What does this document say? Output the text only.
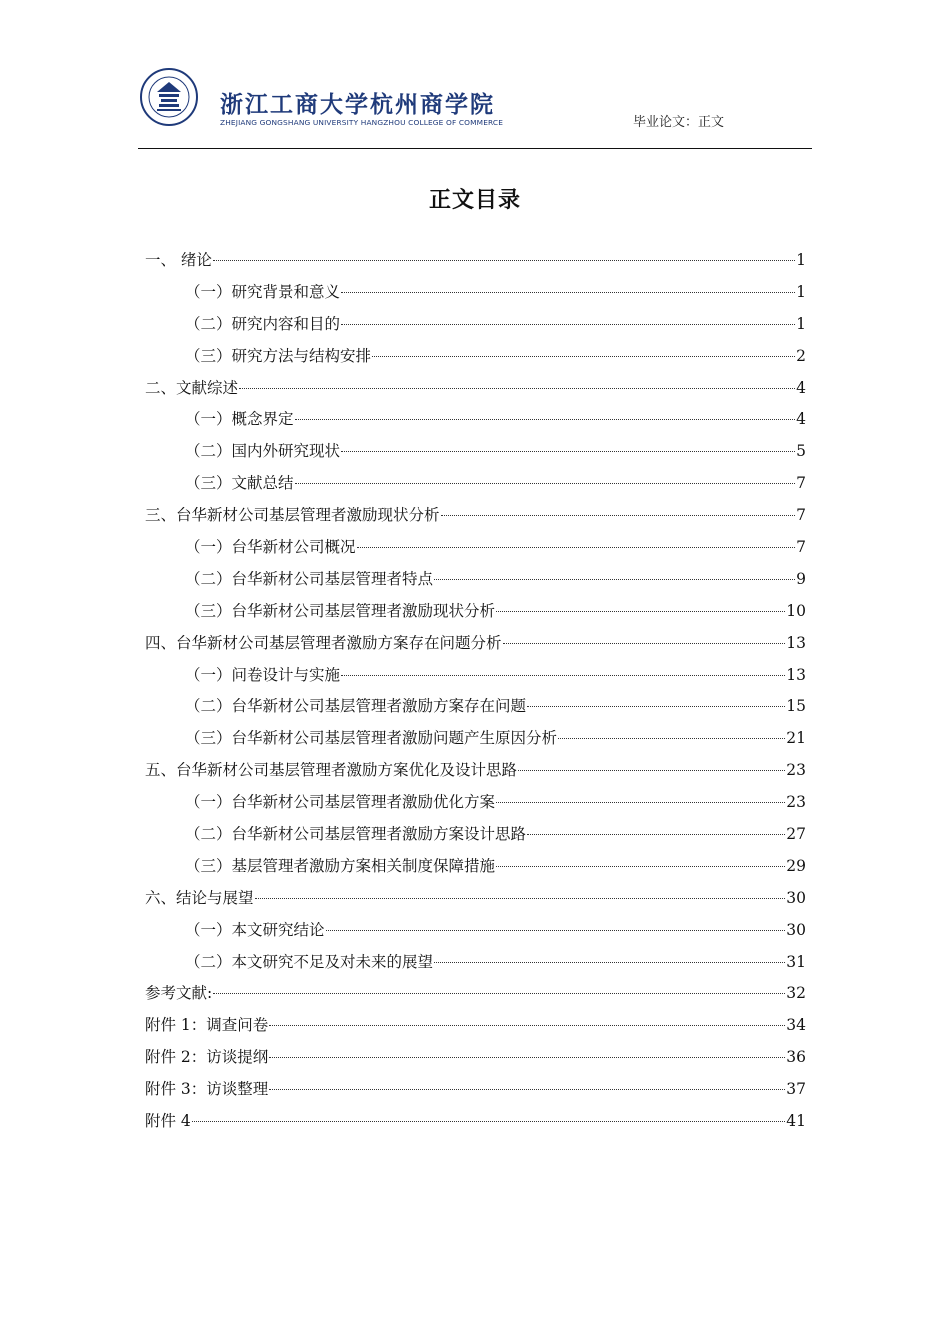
浙江工商大学杭州商学院
ZHEJIANG GONGSHANG UNIVERSITY HANGZHOU COLLEGE OF COMMERCE	毕业论文：正文
正文目录
一、 绪论	1
（一）研究背景和意义	1
（二）研究内容和目的	1
（三）研究方法与结构安排	2
二、文献综述	4
（一）概念界定	4
（二）国内外研究现状	5
（三）文献总结	7
三、台华新材公司基层管理者激励现状分析	7
（一）台华新材公司概况	7
（二）台华新材公司基层管理者特点	9
（三）台华新材公司基层管理者激励现状分析	10
四、台华新材公司基层管理者激励方案存在问题分析	13
（一）问卷设计与实施	13
（二）台华新材公司基层管理者激励方案存在问题	15
（三）台华新材公司基层管理者激励问题产生原因分析	21
五、台华新材公司基层管理者激励方案优化及设计思路	23
（一）台华新材公司基层管理者激励优化方案	23
（二）台华新材公司基层管理者激励方案设计思路	27
（三）基层管理者激励方案相关制度保障措施	29
六、结论与展望	30
（一）本文研究结论	30
（二）本文研究不足及对未来的展望	31
参考文献:	32
附件 1：调查问卷	34
附件 2：访谈提纲	36
附件 3：访谈整理	37
附件 4	41
